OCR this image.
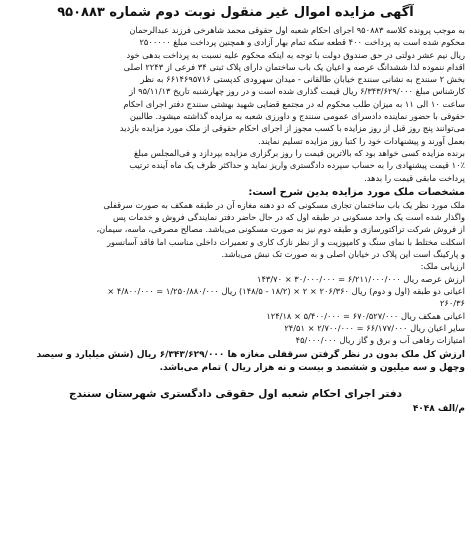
آگهی مزایده اموال غیر منقول نوبت دوم شماره ۹۵۰۸۸۳

به موجب پرونده کلاسه ۹۵۰۸۸۳ اجرای احکام شعبه اول حقوقی محمد شاهرخی فرزند عبدالرحمان
محکوم شده است به پرداخت ۴۰۰ قطعه سکه تمام بهار آزادی و همچنین پرداخت مبلغ ۲۵۰۰۰۰۰
ریال نیم عشر دولتی در حق صندوق دولت با توجه به اینکه محکوم علیه نسبت به پرداخت بدهی خود
اقدام ننموده لذا ششدانگ عرصه و اعیان یک باب ساختمان دارای پلاک ثبتی ۳۴ فرعی از ۲۲۴۳ اصلی
بخش ۲ سنندج به نشانی سنندج خیابان طالقانی - میدان سهرودی کدپستی ۶۶۱۴۶۹۵۷۱۶ به نظر
کارشناس مبلغ ۶/۳۴۳/۶۲۹/۰۰۰ ریال قیمت گذاری شده است و در روز چهارشنبه تاریخ ۹۵/۱۱/۱۳ از
ساعت ۱۰ الی ۱۱ به میزان طلب محکوم له در مجتمع قضایی شهید بهشتی سنندج دفتر اجرای احکام
حقوقی با حضور نماینده دادسرای عمومی سنندج و داورزی شعبه به مزایده گذاشته میشود. طالبین
می‌توانند پنج روز قبل از روز مزایده با کسب مجوز از اجرای احکام حقوقی از ملک مورد مزایده بازدید
بعمل آورند و پیشنهادات خود را کتبا روز مزایده تسلیم نمایند.
برنده مزایده کسی خواهد بود که بالاترین قیمت را روز برگزاری مزایده بپردازد و فی‌المجلس مبلغ
۱۰٪ قیمت پیشنهادی را به حساب سپرده دادگستری واریز نماید و حداکثر ظرف یک ماه آینده ترتیب
پرداخت مابقی قیمت را بدهد.

مشخصات ملک مورد مزایده بدین شرح است:

ملک مورد نظر یک باب ساختمان تجاری مسکونی که دو دهنه مغازه آن در طبقه همکف به صورت سرقفلی
واگذار شده است یک واحد مسکونی در طبقه اول که در حال حاضر دفتر نمایندگی فروش و خدمات پس
از فروش شرکت تراکتورسازی و طبقه دوم نیز به صورت مسکونی می‌باشد. مصالح مصرفی، ماسه، سیمان،
اسکلت مختلط با نمای سنگ و کامپوزیت و از نظر نازک کاری و تعمیرات داخلی مناسب اما فاقد آسانسور
و پارکینگ است این پلاک در خیابان اصلی و به صورت تک نبش می‌باشد.
ارزیابی ملک:
ارزش عرصه ریال ۶/۲۱۱/۰۰۰/۰۰۰ = ۳۰/۰۰۰/۰۰۰ × ۱۴۳/۷۰
اعیانی دو طبقه (اول و دوم) ریال ۲۰۶/۳۶۰ × ۲ × (۱۸/۲ - ۱۴۸/۵) ریال ۱/۲۵۰/۸۸۰/۰۰۰ = ۴/۸۰۰/۰۰۰ ×
۲۶۰/۳۶
اعیانی همکف ریال ۶۷۰/۵۲۷/۰۰۰ = ۵/۴۰۰/۰۰۰ × ۱۲۴/۱۸
سایر اعیان ریال ۶۶/۱۷۷/۰۰۰ = ۲/۷۰۰/۰۰۰ × ۲۴/۵۱
امتیازات رفاهی آب و برق و گاز ریال ۴۵/۰۰۰/۰۰۰

ارزش کل ملک بدون در نظر گرفتن سرقفلی مغازه ها ۶/۳۴۳/۶۲۹/۰۰۰ ریال (شش میلیارد و سیصد
وچهل و سه میلیون و ششصد و بیست و نه هزار ریال ) تمام می‌باشد.

دفتر اجرای احکام شعبه اول حقوقی دادگستری شهرستان سنندج
م/الف ۴۰۴۸
